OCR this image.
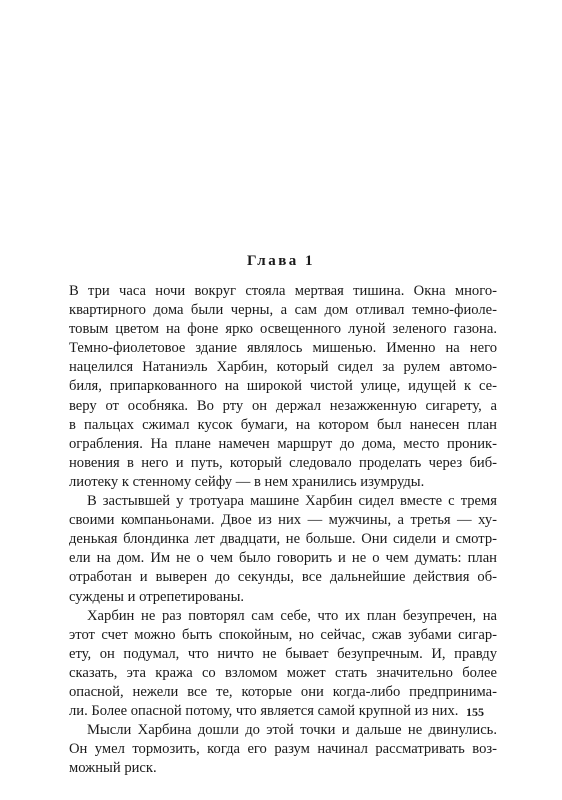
Глава 1
В три часа ночи вокруг стояла мертвая тишина. Окна много-
квартирного дома были черны, а сам дом отливал темно-фиоле-
товым цветом на фоне ярко освещенного луной зеленого газона.
Темно-фиолетовое здание являлось мишенью. Именно на него
нацелился Натаниэль Харбин, который сидел за рулем автомо-
биля, припаркованного на широкой чистой улице, идущей к се-
веру от особняка. Во рту он держал незажженную сигарету, а
в пальцах сжимал кусок бумаги, на котором был нанесен план
ограбления. На плане намечен маршрут до дома, место проник-
новения в него и путь, который следовало проделать через биб-
лиотеку к стенному сейфу — в нем хранились изумруды.
В застывшей у тротуара машине Харбин сидел вместе с тремя
своими компаньонами. Двое из них — мужчины, а третья — ху-
денькая блондинка лет двадцати, не больше. Они сидели и смотр-
ели на дом. Им не о чем было говорить и не о чем думать: план
отработан и выверен до секунды, все дальнейшие действия об-
суждены и отрепетированы.
Харбин не раз повторял сам себе, что их план безупречен, на
этот счет можно быть спокойным, но сейчас, сжав зубами сигар-
ету, он подумал, что ничто не бывает безупречным. И, правду
сказать, эта кража со взломом может стать значительно более
опасной, нежели все те, которые они когда-либо предпринима-
ли. Более опасной потому, что является самой крупной из них.
Мысли Харбина дошли до этой точки и дальше не двинулись.
Он умел тормозить, когда его разум начинал рассматривать воз-
можный риск.
155
